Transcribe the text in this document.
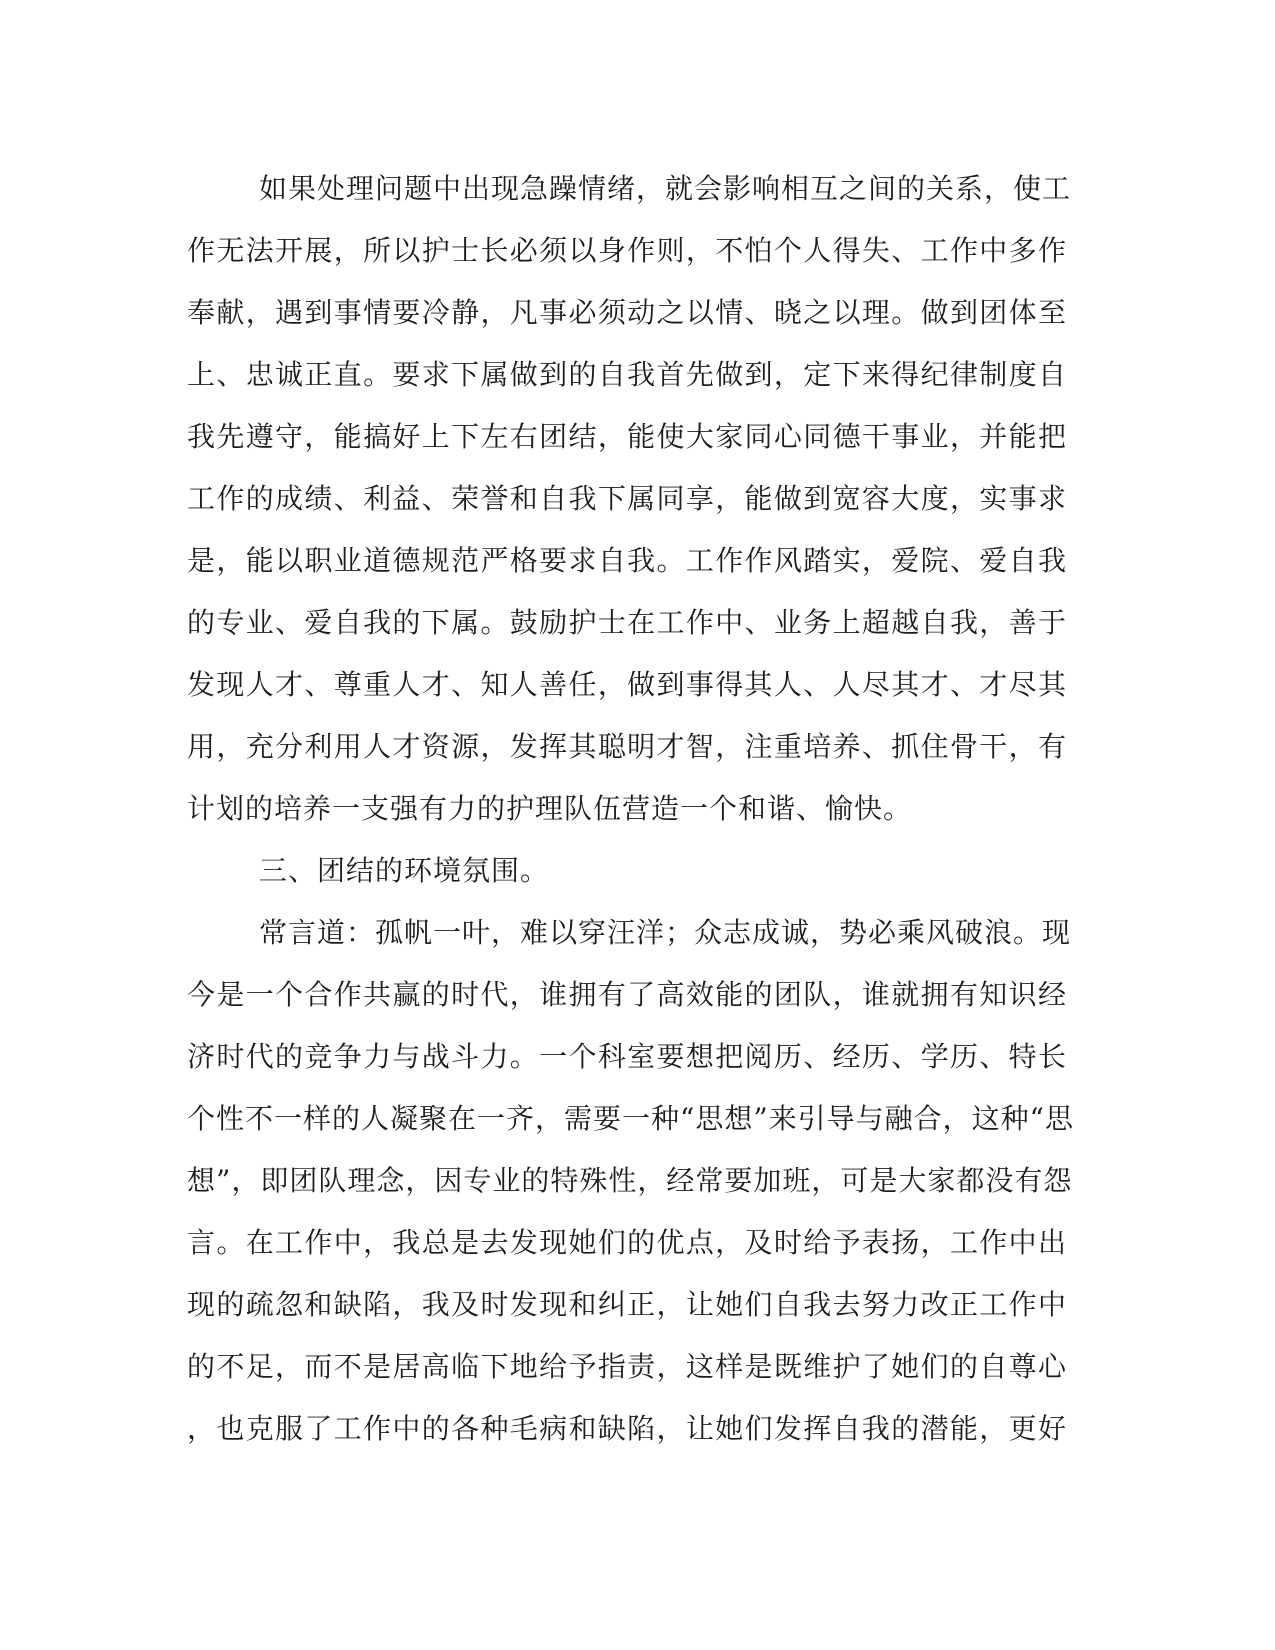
如果处理问题中出现急躁情绪，就会影响相互之间的关系，使工
作无法开展，所以护士长必须以身作则，不怕个人得失、工作中多作
奉献，遇到事情要冷静，凡事必须动之以情、晓之以理。做到团体至
上、忠诚正直。要求下属做到的自我首先做到，定下来得纪律制度自
我先遵守，能搞好上下左右团结，能使大家同心同德干事业，并能把
工作的成绩、利益、荣誉和自我下属同享，能做到宽容大度，实事求
是，能以职业道德规范严格要求自我。工作作风踏实，爱院、爱自我
的专业、爱自我的下属。鼓励护士在工作中、业务上超越自我，善于
发现人才、尊重人才、知人善任，做到事得其人、人尽其才、才尽其
用，充分利用人才资源，发挥其聪明才智，注重培养、抓住骨干，有
计划的培养一支强有力的护理队伍营造一个和谐、愉快。
三、团结的环境氛围。
常言道：孤帆一叶，难以穿汪洋；众志成诚，势必乘风破浪。现
今是一个合作共赢的时代，谁拥有了高效能的团队，谁就拥有知识经
济时代的竞争力与战斗力。一个科室要想把阅历、经历、学历、特长
个性不一样的人凝聚在一齐，需要一种“思想”来引导与融合，这种“思
想”，即团队理念，因专业的特殊性，经常要加班，可是大家都没有怨
言。在工作中，我总是去发现她们的优点，及时给予表扬，工作中出
现的疏忽和缺陷，我及时发现和纠正，让她们自我去努力改正工作中
的不足，而不是居高临下地给予指责，这样是既维护了她们的自尊心
，也克服了工作中的各种毛病和缺陷，让她们发挥自我的潜能，更好
